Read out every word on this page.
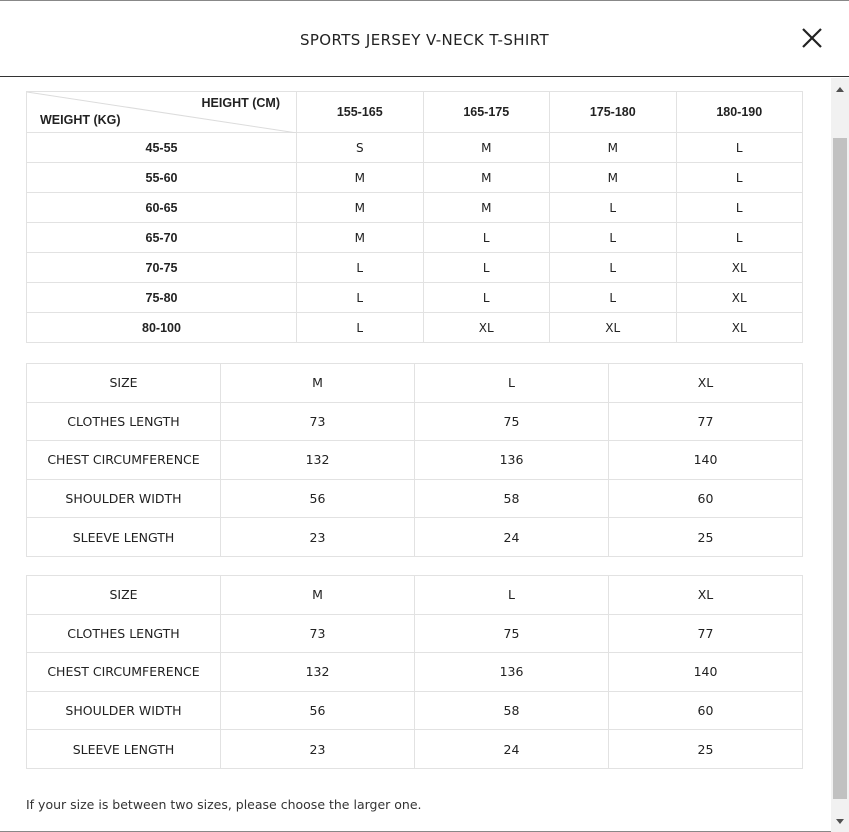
SPORTS JERSEY V-NECK T-SHIRT
HEIGHT (CM)
WEIGHT (KG)	155-165	165-175	175-180	180-190
45-55	S	M	M	L
55-60	M	M	M	L
60-65	M	M	L	L
65-70	M	L	L	L
70-75	L	L	L	XL
75-80	L	L	L	XL
80-100	L	XL	XL	XL
SIZE	M	L	XL
CLOTHES LENGTH	73	75	77
CHEST CIRCUMFERENCE	132	136	140
SHOULDER WIDTH	56	58	60
SLEEVE LENGTH	23	24	25
SIZE	M	L	XL
CLOTHES LENGTH	73	75	77
CHEST CIRCUMFERENCE	132	136	140
SHOULDER WIDTH	56	58	60
SLEEVE LENGTH	23	24	25
If your size is between two sizes, please choose the larger one.
